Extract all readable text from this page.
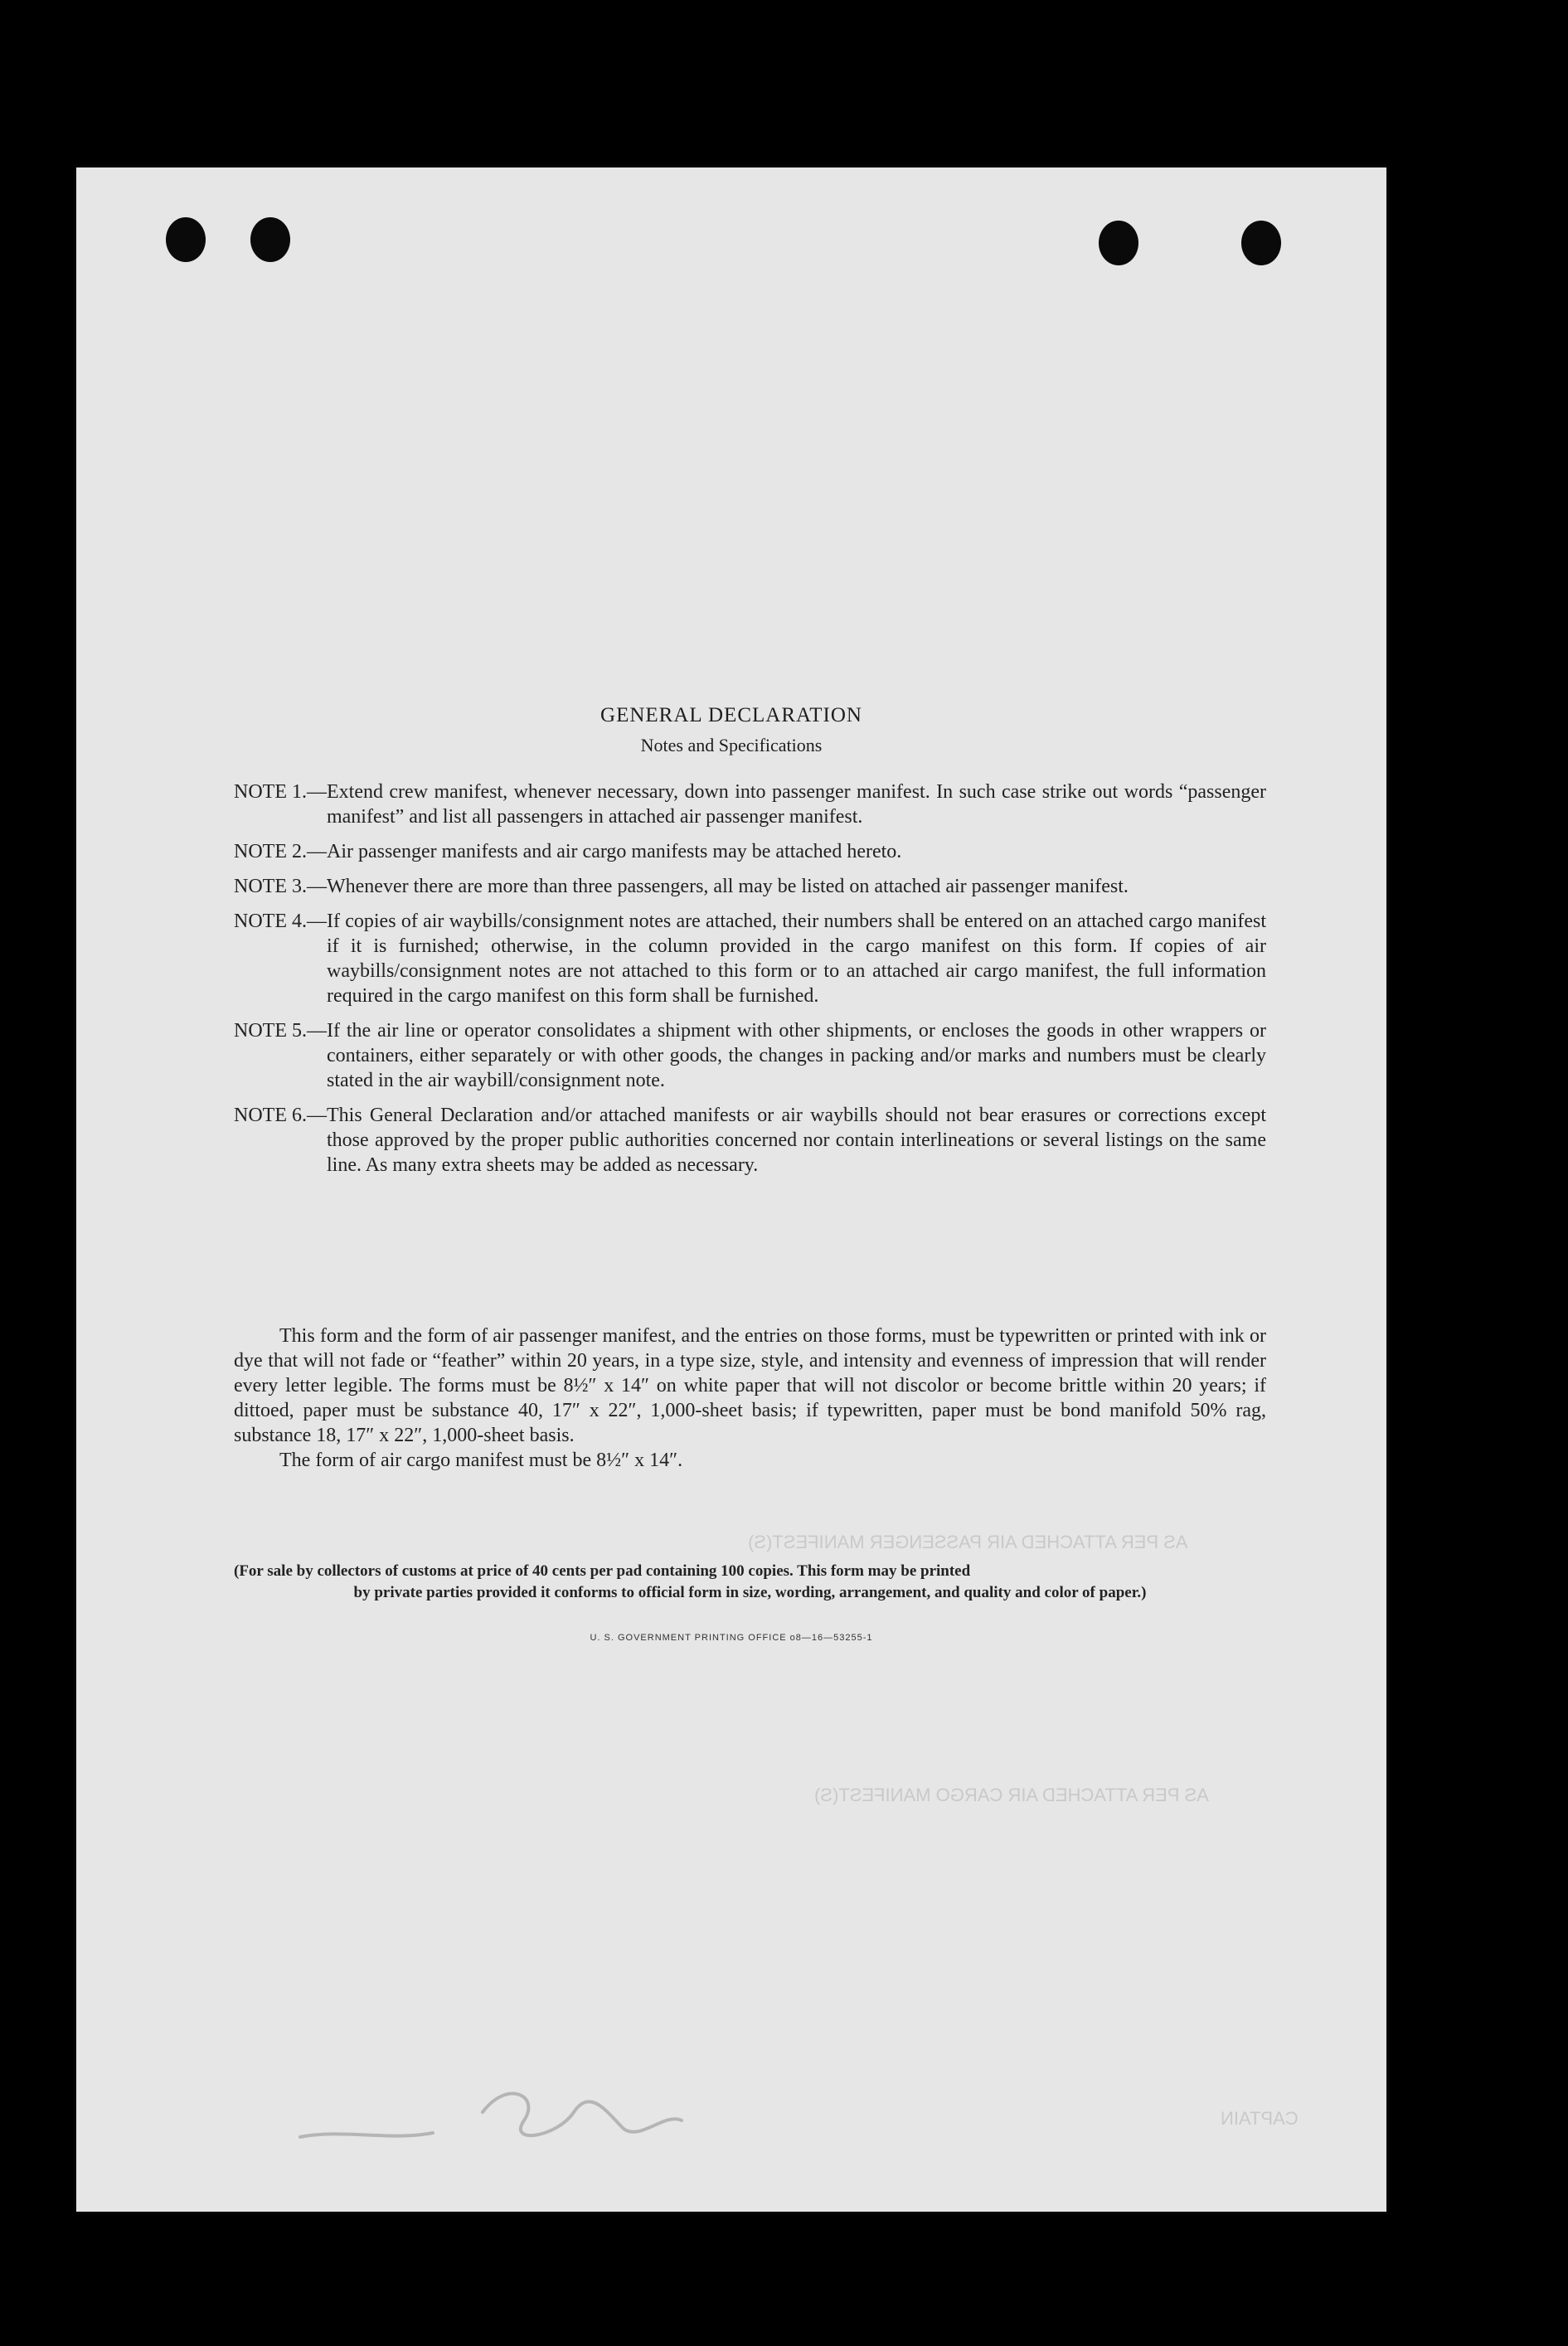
AS PER ATTACHED AIR PASSENGER MANIFEST(S)
AS PER ATTACHED AIR CARGO MANIFEST(S)
CAPTAIN
GENERAL DECLARATION
Notes and Specifications
NOTE 1.— Extend crew manifest, whenever necessary, down into passenger manifest. In such case strike out words “passenger manifest” and list all passengers in attached air passenger manifest.
NOTE 2.— Air passenger manifests and air cargo manifests may be attached hereto.
NOTE 3.— Whenever there are more than three passengers, all may be listed on attached air passenger manifest.
NOTE 4.— If copies of air waybills/consignment notes are attached, their numbers shall be entered on an attached cargo manifest if it is furnished; otherwise, in the column provided in the cargo manifest on this form. If copies of air waybills/consignment notes are not attached to this form or to an attached air cargo manifest, the full information required in the cargo manifest on this form shall be furnished.
NOTE 5.— If the air line or operator consolidates a shipment with other shipments, or encloses the goods in other wrappers or containers, either separately or with other goods, the changes in packing and/or marks and numbers must be clearly stated in the air waybill/consignment note.
NOTE 6.— This General Declaration and/or attached manifests or air waybills should not bear erasures or corrections except those approved by the proper public authorities concerned nor contain interlineations or several listings on the same line. As many extra sheets may be added as necessary.

This form and the form of air passenger manifest, and the entries on those forms, must be typewritten or printed with ink or dye that will not fade or “feather” within 20 years, in a type size, style, and intensity and evenness of impression that will render every letter legible. The forms must be 8½″ x 14″ on white paper that will not discolor or become brittle within 20 years; if dittoed, paper must be substance 40, 17″ x 22″, 1,000-sheet basis; if typewritten, paper must be bond manifold 50% rag, substance 18, 17″ x 22″, 1,000-sheet basis.

The form of air cargo manifest must be 8½″ x 14″.

(For sale by collectors of customs at price of 40 cents per pad containing 100 copies. This form may be printed
by private parties provided it conforms to official form in size, wording, arrangement, and quality and color of paper.)
U. S. GOVERNMENT PRINTING OFFICE o8—16—53255-1
